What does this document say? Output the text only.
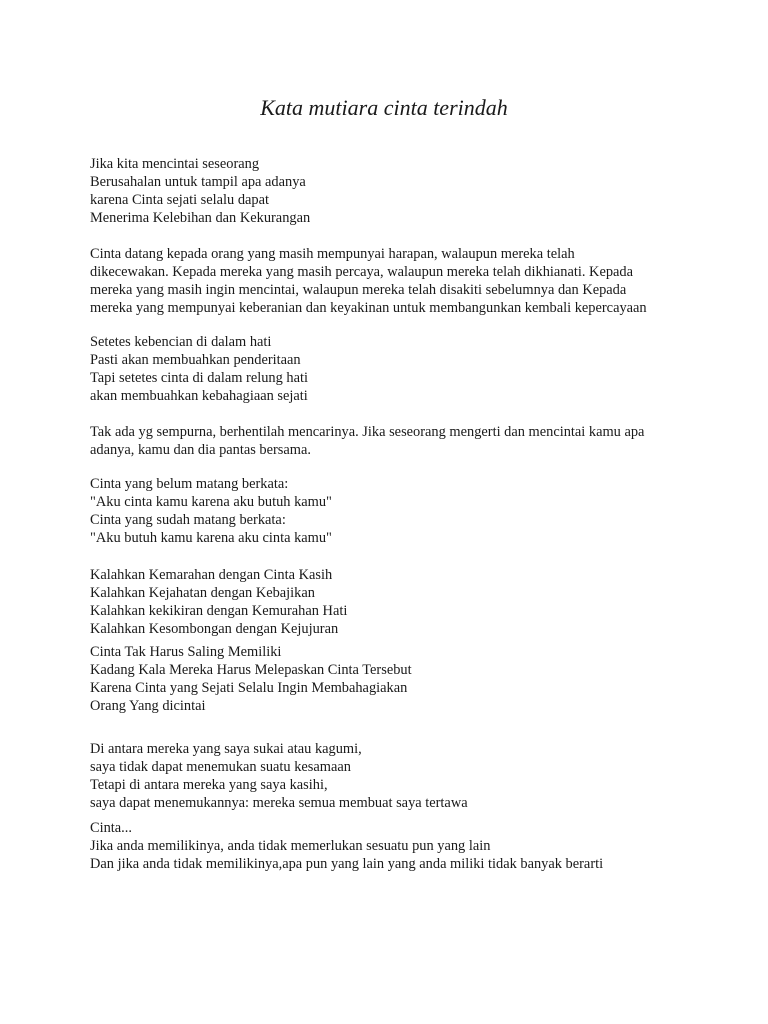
Kata mutiara cinta terindah

Jika kita mencintai seseorang
Berusahalan untuk tampil apa adanya
karena Cinta sejati selalu dapat
Menerima Kelebihan dan Kekurangan

Cinta datang kepada orang yang masih mempunyai harapan, walaupun mereka telah
dikecewakan. Kepada mereka yang masih percaya, walaupun mereka telah dikhianati. Kepada
mereka yang masih ingin mencintai, walaupun mereka telah disakiti sebelumnya dan Kepada
mereka yang mempunyai keberanian dan keyakinan untuk membangunkan kembali kepercayaan

Setetes kebencian di dalam hati
Pasti akan membuahkan penderitaan
Tapi setetes cinta di dalam relung hati
akan membuahkan kebahagiaan sejati

Tak ada yg sempurna, berhentilah mencarinya. Jika seseorang mengerti dan mencintai kamu apa
adanya, kamu dan dia pantas bersama.

Cinta yang belum matang berkata:
"Aku cinta kamu karena aku butuh kamu"
Cinta yang sudah matang berkata:
"Aku butuh kamu karena aku cinta kamu"

Kalahkan Kemarahan dengan Cinta Kasih
Kalahkan Kejahatan dengan Kebajikan
Kalahkan kekikiran dengan Kemurahan Hati
Kalahkan Kesombongan dengan Kejujuran

Cinta Tak Harus Saling Memiliki
Kadang Kala Mereka Harus Melepaskan Cinta Tersebut
Karena Cinta yang Sejati Selalu Ingin Membahagiakan
Orang Yang dicintai

Di antara mereka yang saya sukai atau kagumi,
saya tidak dapat menemukan suatu kesamaan
Tetapi di antara mereka yang saya kasihi,
saya dapat menemukannya: mereka semua membuat saya tertawa

Cinta...
Jika anda memilikinya, anda tidak memerlukan sesuatu pun yang lain
Dan jika anda tidak memilikinya,apa pun yang lain yang anda miliki tidak banyak berarti
